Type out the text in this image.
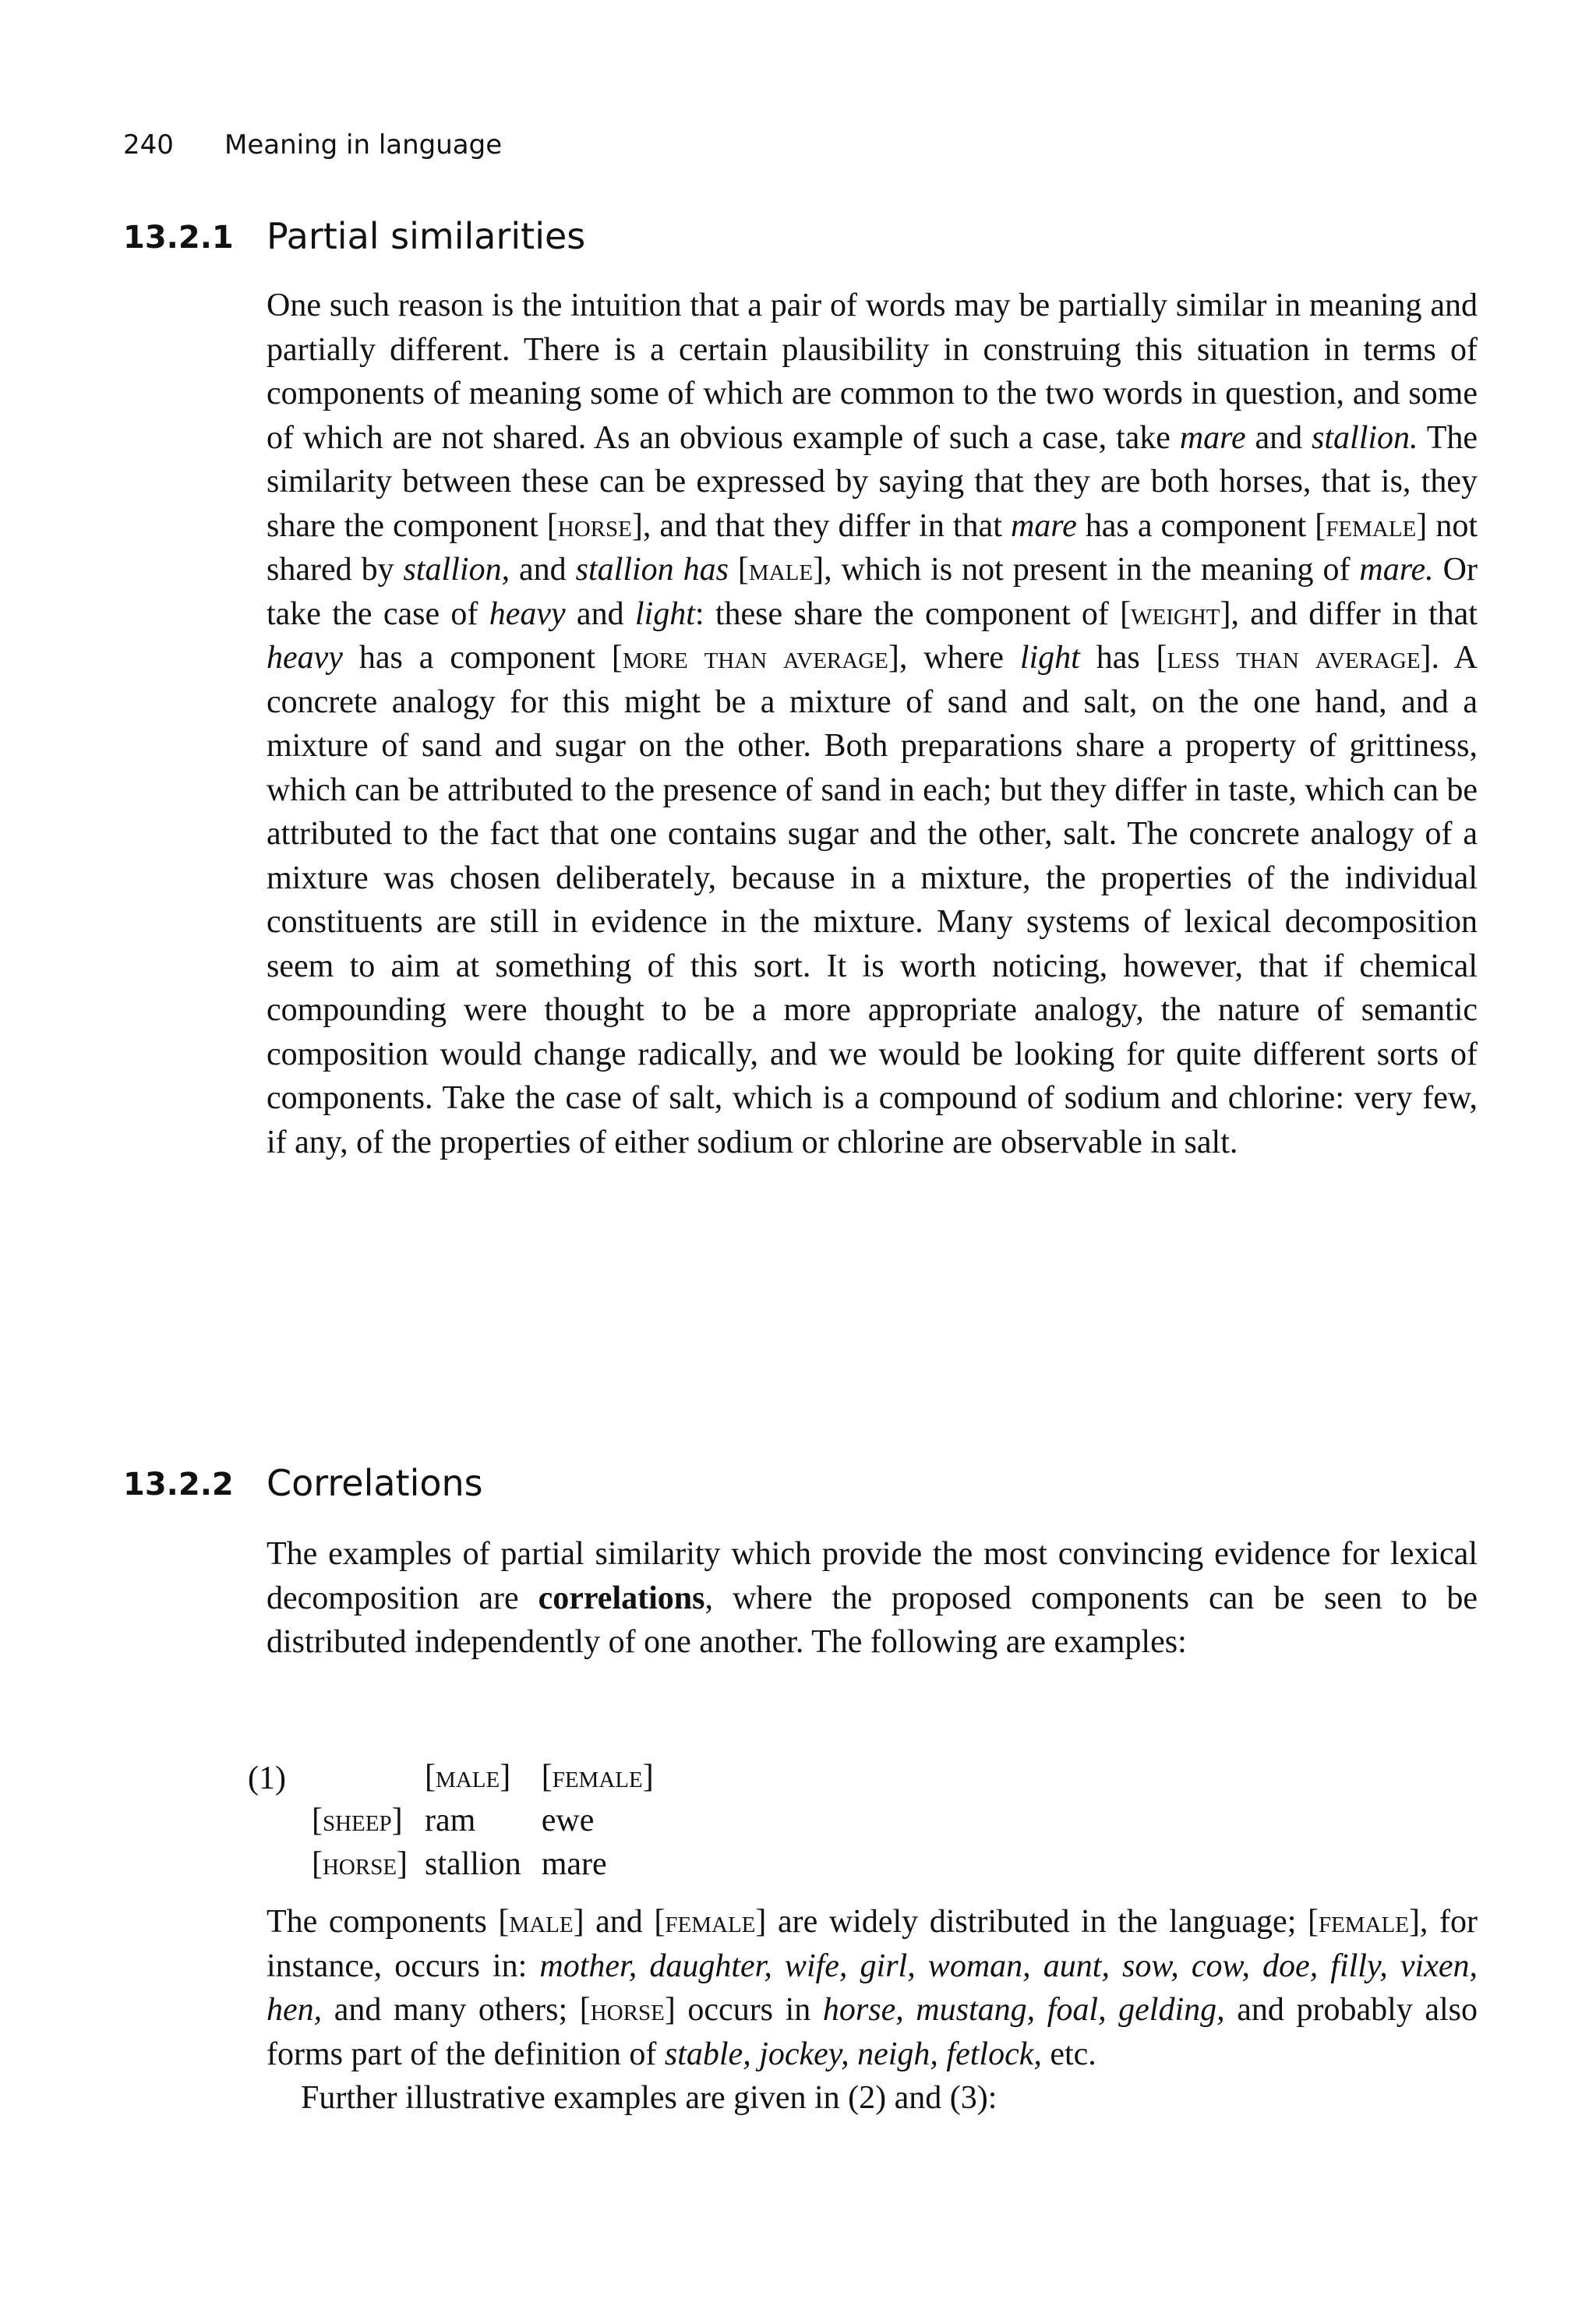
240 Meaning in language
13.2.1 Partial similarities

One such reason is the intuition that a pair of words may be partially similar in meaning and partially different. There is a certain plausibility in construing this situation in terms of components of meaning some of which are common to the two words in question, and some of which are not shared. As an obvious example of such a case, take mare and stallion. The similarity between these can be expressed by saying that they are both horses, that is, they share the component [horse], and that they differ in that mare has a component [female] not shared by stallion, and stallion has [male], which is not present in the meaning of mare. Or take the case of heavy and light: these share the component of [weight], and differ in that heavy has a component [more than average], where light has [less than average]. A concrete analogy for this might be a mixture of sand and salt, on the one hand, and a mixture of sand and sugar on the other. Both preparations share a property of grittiness, which can be attributed to the presence of sand in each; but they differ in taste, which can be attributed to the fact that one contains sugar and the other, salt. The concrete analogy of a mixture was chosen deliberately, because in a mixture, the properties of the individual constituents are still in evidence in the mixture. Many systems of lexical decomposition seem to aim at something of this sort. It is worth noticing, however, that if chemical compounding were thought to be a more appropriate analogy, the nature of semantic composition would change radically, and we would be looking for quite different sorts of components. Take the case of salt, which is a compound of sodium and chlorine: very few, if any, of the properties of either sodium or chlorine are observable in salt.

13.2.2 Correlations

The examples of partial similarity which provide the most convincing evidence for lexical decomposition are correlations, where the proposed components can be seen to be distributed independently of one another. The following are examples:

(1)
		[male]	[female]
[sheep]	ram	ewe
[horse]	stallion	mare

The components [male] and [female] are widely distributed in the language; [female], for instance, occurs in: mother, daughter, wife, girl, woman, aunt, sow, cow, doe, filly, vixen, hen, and many others; [horse] occurs in horse, mustang, foal, gelding, and probably also forms part of the definition of stable, jockey, neigh, fetlock, etc.

Further illustrative examples are given in (2) and (3):
